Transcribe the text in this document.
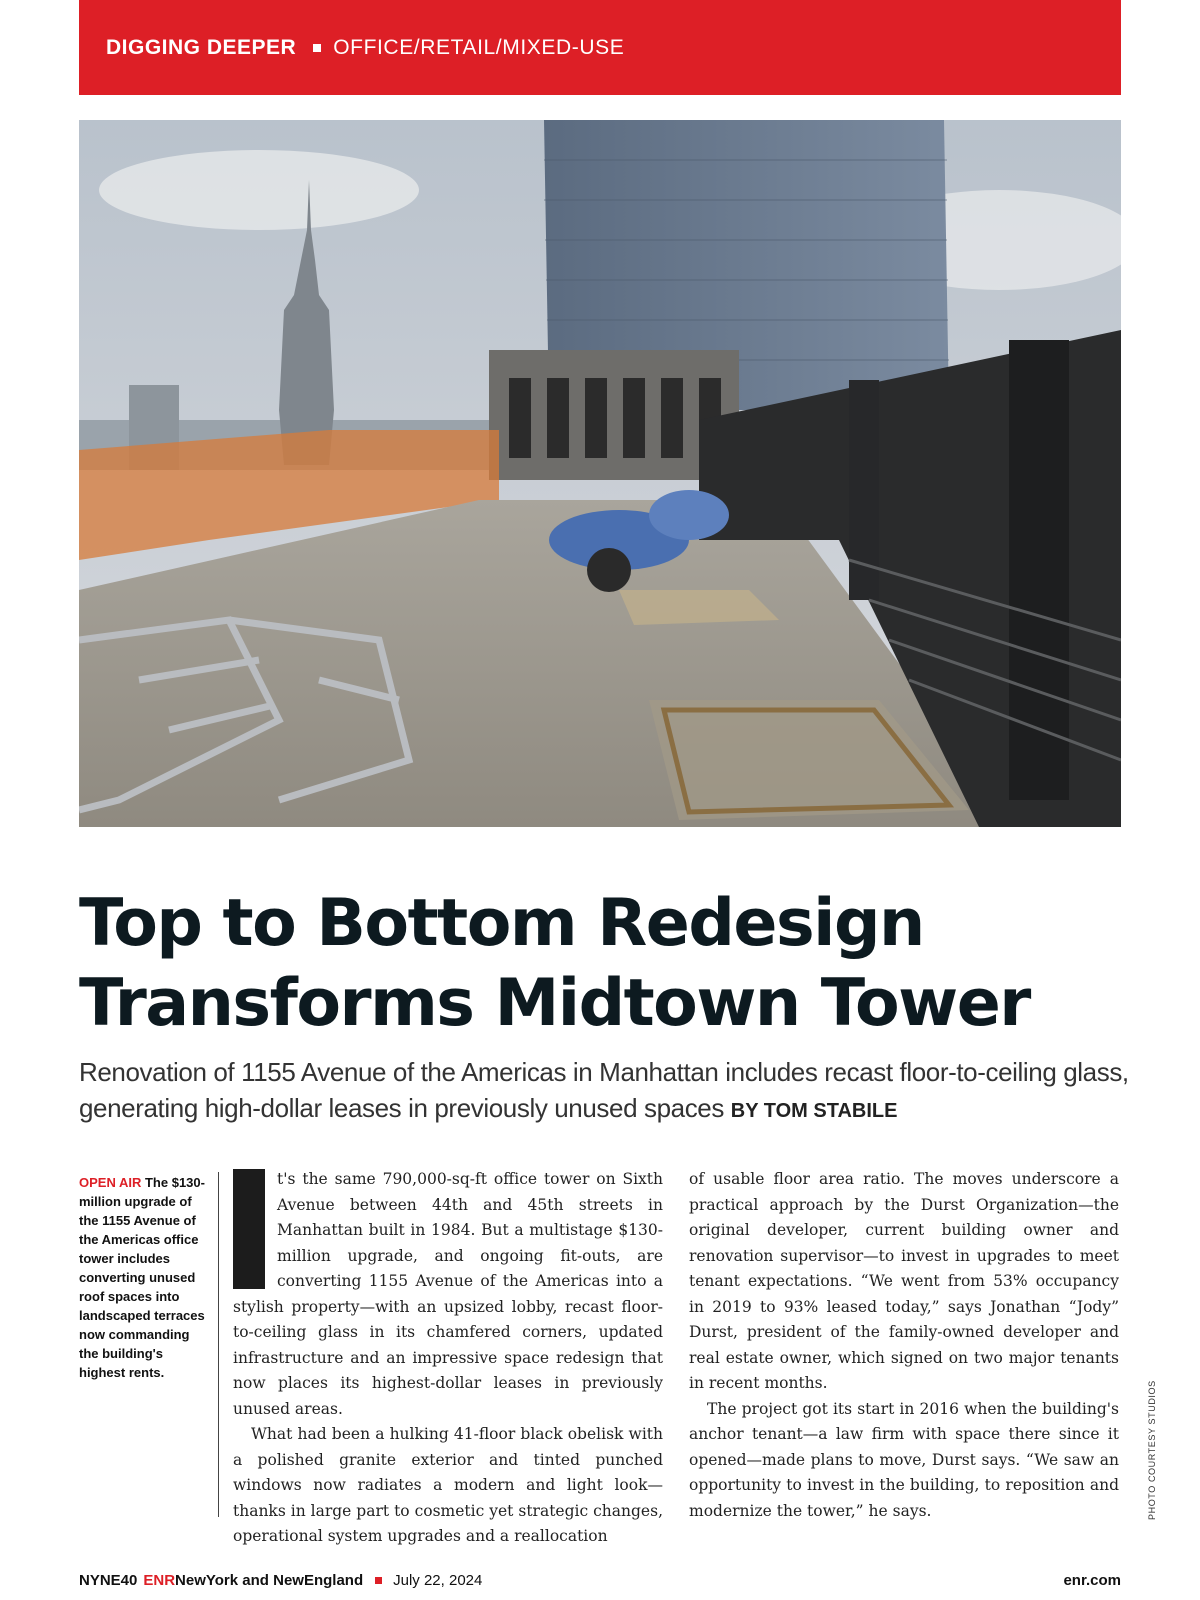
DIGGING DEEPER OFFICE/RETAIL/MIXED-USE
Top to Bottom Redesign
Transforms Midtown Tower

Renovation of 1155 Avenue of the Americas in Manhattan includes recast floor-to-ceiling glass, generating high-dollar leases in previously unused spaces BY TOM STABILE

OPEN AIR The $130-million upgrade of the 1155 Avenue of the Americas office tower includes converting unused roof spaces into landscaped terraces now commanding the building's highest rents.

t's the same 790,000-sq-ft office tower on Sixth Avenue between 44th and 45th streets in Manhattan built in 1984. But a multistage $130-million upgrade, and ongoing fit-outs, are converting 1155 Avenue of the Americas into a stylish property—with an upsized lobby, recast floor-to-ceiling glass in its chamfered corners, updated infrastructure and an impressive space redesign that now places its highest-dollar leases in previously unused areas.

What had been a hulking 41-floor black obelisk with a polished granite exterior and tinted punched windows now radiates a modern and light look—thanks in large part to cosmetic yet strategic changes, operational system upgrades and a reallocation

of usable floor area ratio. The moves underscore a practical approach by the Durst Organization—the original developer, current building owner and renovation supervisor—to invest in upgrades to meet tenant expectations. “We went from 53% occupancy in 2019 to 93% leased today,” says Jonathan “Jody” Durst, president of the family-owned developer and real estate owner, which signed on two major tenants in recent months.

The project got its start in 2016 when the building's anchor tenant—a law firm with space there since it opened—made plans to move, Durst says. “We saw an opportunity to invest in the building, to reposition and modernize the tower,” he says.	PHOTO COURTESY STUDIOS
NYNE40 ENR NewYork and NewEngland July 22, 2024	enr.com
